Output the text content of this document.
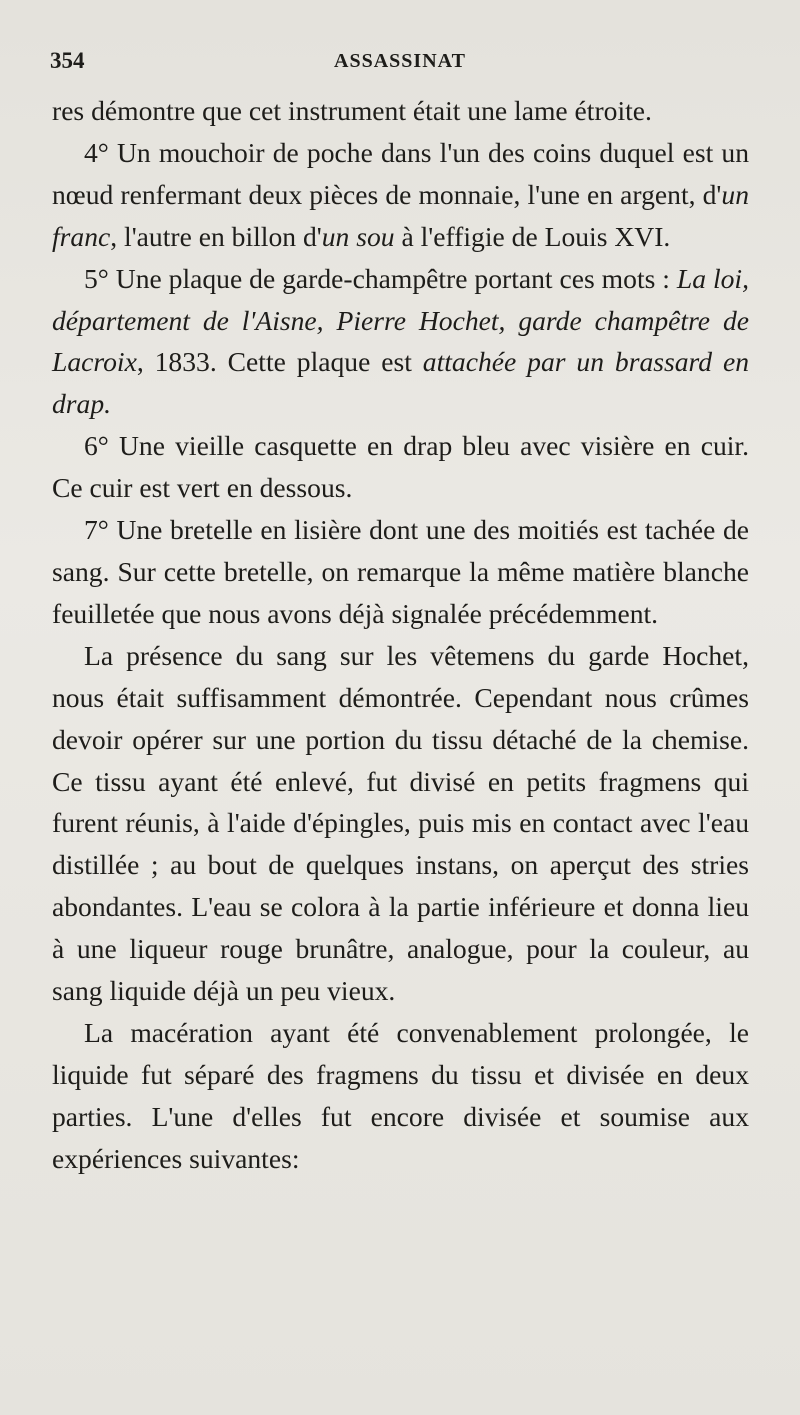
354	ASSASSINAT

res démontre que cet instrument était une lame étroite.

4° Un mouchoir de poche dans l'un des coins duquel est un nœud renfermant deux pièces de monnaie, l'une en argent, d'un franc, l'autre en billon d'un sou à l'effigie de Louis XVI.

5° Une plaque de garde-champêtre portant ces mots : La loi, département de l'Aisne, Pierre Hochet, garde champêtre de Lacroix, 1833. Cette plaque est attachée par un brassard en drap.

6° Une vieille casquette en drap bleu avec visière en cuir. Ce cuir est vert en dessous.

7° Une bretelle en lisière dont une des moitiés est tachée de sang. Sur cette bretelle, on remarque la même matière blanche feuilletée que nous avons déjà signalée précédemment.

La présence du sang sur les vêtemens du garde Hochet, nous était suffisamment démontrée. Cependant nous crûmes devoir opérer sur une portion du tissu détaché de la chemise. Ce tissu ayant été enlevé, fut divisé en petits fragmens qui furent réunis, à l'aide d'épingles, puis mis en contact avec l'eau distillée ; au bout de quelques instans, on aperçut des stries abondantes. L'eau se colora à la partie inférieure et donna lieu à une liqueur rouge brunâtre, analogue, pour la couleur, au sang liquide déjà un peu vieux.

La macération ayant été convenablement prolongée, le liquide fut séparé des fragmens du tissu et divisée en deux parties. L'une d'elles fut encore divisée et soumise aux expériences suivantes:
